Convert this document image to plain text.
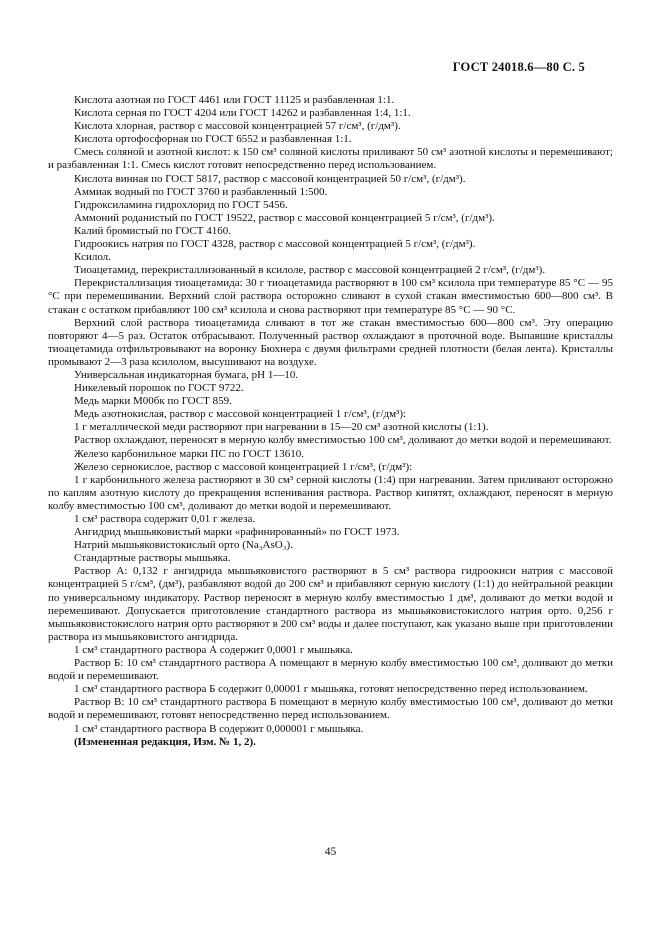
ГОСТ 24018.6—80 С. 5

Кислота азотная по ГОСТ 4461 или ГОСТ 11125 и разбавленная 1:1.

Кислота серная по ГОСТ 4204 или ГОСТ 14262 и разбавленная 1:4, 1:1.

Кислота хлорная, раствор с массовой концентрацией 57 г/см³, (г/дм³).

Кислота ортофосфорная по ГОСТ 6552 и разбавленная 1:1.

Смесь соляной и азотной кислот: к 150 см³ соляной кислоты приливают 50 см³ азотной кислоты и перемешивают; и разбавленная 1:1. Смесь кислот готовят непосредственно перед использованием.

Кислота винная по ГОСТ 5817, раствор с массовой концентрацией 50 г/см³, (г/дм³).

Аммиак водный по ГОСТ 3760 и разбавленный 1:500.

Гидроксиламина гидрохлорид по ГОСТ 5456.

Аммоний роданистый по ГОСТ 19522, раствор с массовой концентрацией 5 г/см³, (г/дм³).

Калий бромистый по ГОСТ 4160.

Гидроокись натрия по ГОСТ 4328, раствор с массовой концентрацией 5 г/см³, (г/дм³).

Ксилол.

Тиоацетамид, перекристаллизованный в ксилоле, раствор с массовой концентрацией 2 г/см³, (г/дм³).

Перекристаллизация тиоацетамида: 30 г тиоацетамида растворяют в 100 см³ ксилола при температуре 85 °С — 95 °С при перемешивании. Верхний слой раствора осторожно сливают в сухой стакан вместимостью 600—800 см³. В стакан с остатком прибавляют 100 см³ ксилола и снова растворяют при температуре 85 °С — 90 °С.

Верхний слой раствора тиоацетамида сливают в тот же стакан вместимостью 600—800 см³. Эту операцию повторяют 4—5 раз. Остаток отбрасывают. Полученный раствор охлаждают в проточной воде. Выпавшие кристаллы тиоацетамида отфильтровывают на воронку Бюхнера с двумя фильтрами средней плотности (белая лента). Кристаллы промывают 2—3 раза ксилолом, высушивают на воздухе.

Универсальная индикаторная бумага, рН 1—10.

Никелевый порошок по ГОСТ 9722.

Медь марки М00бк по ГОСТ 859.

Медь азотнокислая, раствор с массовой концентрацией 1 г/см³, (г/дм³):

1 г металлической меди растворяют при нагревании в 15—20 см³ азотной кислоты (1:1).

Раствор охлаждают, переносят в мерную колбу вместимостью 100 см³, доливают до метки водой и перемешивают.

Железо карбонильное марки ПС по ГОСТ 13610.

Железо сернокислое, раствор с массовой концентрацией 1 г/см³, (г/дм³):

1 г карбонильного железа растворяют в 30 см³ серной кислоты (1:4) при нагревании. Затем приливают осторожно по каплям азотную кислоту до прекращения вспенивания раствора. Раствор кипятят, охлаждают, переносят в мерную колбу вместимостью 100 см³, доливают до метки водой и перемешивают.

1 см³ раствора содержит 0,01 г железа.

Ангидрид мышьяковистый марки «рафинированный» по ГОСТ 1973.

Натрий мышьяковистокислый орто (Na₃AsO₃).

Стандартные растворы мышьяка.

Раствор А: 0,132 г ангидрида мышьяковистого растворяют в 5 см³ раствора гидроокиси натрия с массовой концентрацией 5 г/см³, (дм³), разбавляют водой до 200 см³ и прибавляют серную кислоту (1:1) до нейтральной реакции по универсальному индикатору. Раствор переносят в мерную колбу вместимостью 1 дм³, доливают до метки водой и перемешивают. Допускается приготовление стандартного раствора из мышьяковистокислого натрия орто. 0,256 г мышьяковистокислого натрия орто растворяют в 200 см³ воды и далее поступают, как указано выше при приготовлении раствора из мышьяковистого ангидрида.

1 см³ стандартного раствора А содержит 0,0001 г мышьяка.

Раствор Б: 10 см³ стандартного раствора А помещают в мерную колбу вместимостью 100 см³, доливают до метки водой и перемешивают.

1 см³ стандартного раствора Б содержит 0,00001 г мышьяка, готовят непосредственно перед использованием.

Раствор В: 10 см³ стандартного раствора Б помещают в мерную колбу вместимостью 100 см³, доливают до метки водой и перемешивают, готовят непосредственно перед использованием.

1 см³ стандартного раствора В содержит 0,000001 г мышьяка.

(Измененная редакция, Изм. № 1, 2).

45
